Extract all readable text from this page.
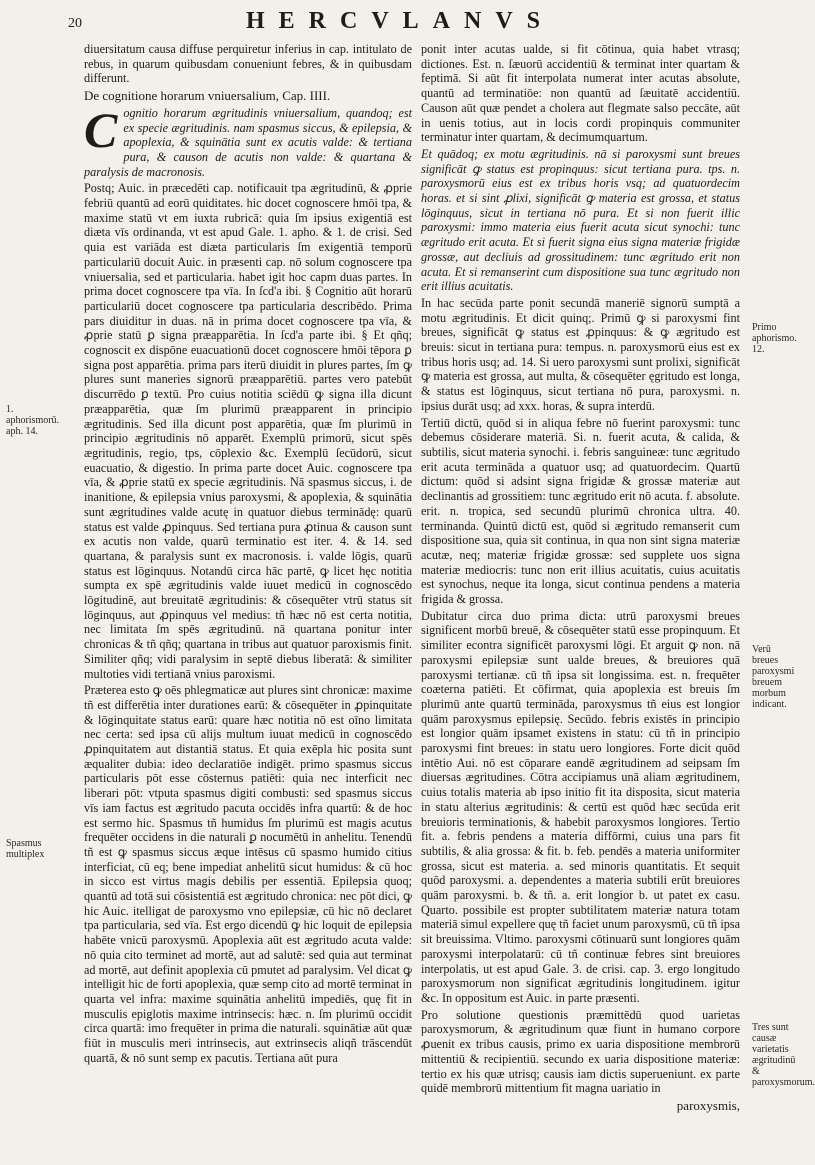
20	HERCVLANVS

diuersitatum causa diffuse perquiretur inferius in cap. intitulato de rebus, in quarum quibusdam conueniunt febres, & in quibusdam differunt.

De cognitione horarum vniuersalium, Cap. IIII.

Cognitio horarum ægritudinis vniuersalium, quandoq; est ex specie ægritudinis. nam spasmus siccus, & epilepsia, & apoplexia, & squinātia sunt ex acutis valde: & tertiana pura, & causon de acutis non valde: & quartana & paralysis de macronosis.

Postq; Auic. in præcedēti cap. notificauit tpa ægritudinū, & ꝓprie febriū quantū ad eorū quiditates. hic docet cognoscere hmōi tpa, & maxime statū vt em iuxta rubricā: quia ſm ipsius exigentiā est diæta vīs ordinanda, vt est apud Gale. 1. apho. & 1. de crisi. Sed quia est variāda est diæta particularis ſm exigentiā temporū particulariū docuit Auic. in præsenti cap. nō solum cognoscere tpa vniuersalia, sed et particularia. habet igit hoc capm duas partes. In prima docet cognoscere tpa vīa. In ſcd'a ibi. § Cognitio aūt horarū particulariū docet cognoscere tpa particularia describēdo. Prima pars diuiditur in duas. nā in prima docet cognoscere tpa vīa, & ꝓprie statū ꝑ signa præapparētia. In ſcd'a parte ibi. § Et qñq; cognoscit ex dispōne euacuationū docet cognoscere hmōi tēpora ꝑ signa post apparētia. prima pars iterū diuidit in plures partes, ſm ꝙ plures sunt maneries signorū præapparētiū. partes vero patebūt discurrēdo ꝑ textū. Pro cuius notitia sciēdū ꝙ signa illa dicunt præapparētia, quæ ſm plurimū præapparent in principio ægritudinis. Sed illa dicunt post apparētia, quæ ſm plurimū in principio ægritudinis nō apparēt. Exemplū primorū, sicut spēs ægritudinis, regio, tps, cōplexio &c. Exemplū ſecūdorū, sicut euacuatio, & digestio. In prima parte docet Auic. cognoscere tpa vīa, & ꝓprie statū ex specie ægritudinis. Nā spasmus siccus, i. de inanitione, & epilepsia vnius paroxysmi, & apoplexia, & squinātia sunt ægritudines valde acutę in quatuor diebus terminādę: quarū status est valde ꝓpinquus. Sed tertiana pura ꝓtinua & causon sunt ex acutis non valde, quarū terminatio est iter. 4. & 14. sed quartana, & paralysis sunt ex macronosis. i. valde lōgis, quarū status est lōginquus. Notandū circa hāc partē, ꝙ licet hęc notitia sumpta ex spē ægritudinis valde iuuet medicū in cognoscēdo lōgitudinē, aut breuitatē ægritudinis: & cōsequēter vtrū status sit lōginquus, aut ꝓpinquus vel medius: tñ hæc nō est certa notitia, nec limitata ſm spēs ægritudinū. nā quartana ponitur inter chronicas & tñ qñq; quartana in tribus aut quatuor paroxismis finit. Similiter qñq; vidi paralysim in septē diebus liberatā: & similiter multoties vidi tertianā vnius paroxismi.

Præterea esto ꝙ oēs phlegmaticæ aut plures sint chronicæ: maxime tñ est differētia inter durationes earū: & cōsequēter in ꝓpinquitate & lōginquitate status earū: quare hæc notitia nō est oīno limitata nec certa: sed ipsa cū alijs multum iuuat medicū in cognoscēdo ꝓpinquitatem aut distantiā status. Et quia exēpla hic posita sunt æqualiter dubia: ideo declaratiōe indigēt. primo spasmus siccus particularis pōt esse cōsternus patiēti: quia nec interficit nec liberari pōt: vtputa spasmus digiti combusti: sed spasmus siccus vīs iam factus est ægritudo pacuta occidēs infra quartū: & de hoc est sermo hic. Spasmus tñ humidus ſm plurimū est magis acutus frequēter occidens in die naturali ꝑ nocumētū in anhelitu. Tenendū tñ est ꝙ spasmus siccus æque intēsus cū spasmo humido citius interficiat, cū eq; bene impediat anhelitū sicut humidus: & cū hoc in sicco est virtus magis debilis per essentiā. Epilepsia quoq; quantū ad totā sui cōsistentiā est ægritudo chronica: nec pōt dici, ꝙ hic Auic. itelligat de paroxysmo vno epilepsiæ, cū hic nō declaret tpa particularia, sed vīa. Est ergo dicendū ꝙ hic loquit de epilepsia habēte vnicū paroxysmū. Apoplexia aūt est ægritudo acuta valde: nō quia cito terminet ad mortē, aut ad salutē: sed quia aut terminat ad mortē, aut definit apoplexia cū pmutet ad paralysim. Vel dicat ꝙ intelligit hic de forti apoplexia, quæ semp cito ad mortē terminat in quarta vel infra: maxime squinātia anhelitū impediēs, quę fit in musculis epiglotis maxime intrinsecis: hæc. n. ſm plurimū occidit circa quartā: imo frequēter in prima die naturali. squinātiæ aūt quæ fiūt in musculis meri intrinsecis, aut extrinsecis aliqñ trāscendūt quartā, & nō sunt semp ex pacutis. Tertiana aūt pura

ponit inter acutas ualde, si fit cōtinua, quia habet vtrasq; dictiones. Est. n. ſæuorū accidentiū & terminat inter quartam & feptimā. Si aūt fit interpolata numerat inter acutas absolute, quantū ad terminatiōe: non quantū ad ſæuitatē accidentiū. Causon aūt quæ pendet a cholera aut flegmate salso peccāte, aūt in uenis totius, aut in locis cordi propinquis communiter terminatur inter quartam, & decimumquartum.

Et quādoq; ex motu ægritudinis. nā si paroxysmi sunt breues significāt ꝙ status est propinquus: sicut tertiana pura. tps. n. paroxysmorū eius est ex tribus horis vsq; ad quatuordecim horas. et si sint ꝓlixi, significāt ꝙ materia est grossa, et status lōginquus, sicut in tertiana nō pura. Et si non fuerit illic paroxysmi: immo materia eius fuerit acuta sicut synochi: tunc ægritudo erit acuta. Et si fuerit signa eius signa materiæ frigidæ grossæ, aut decliuis ad grossitudinem: tunc ægritudo erit non acuta. Et si remanserint cum dispositione sua tunc ægritudo non erit illius acuitatis.

In hac secūda parte ponit secundā maneriē signorū sumptā a motu ægritudinis. Et dicit quinq;. Primū ꝙ si paroxysmi fint breues, significāt ꝙ status est ꝓpinquus: & ꝙ ægritudo est breuis: sicut in tertiana pura: tempus. n. paroxysmorū eius est ex tribus horis usq; ad. 14. Si uero paroxysmi sunt prolixi, significāt ꝙ materia est grossa, aut multa, & cōsequēter ęgritudo est longa, & status est lōginquus, sicut tertiana nō pura, paroxysmi. n. ipsius durāt usq; ad xxx. horas, & supra interdū.

Tertiū dictū, quōd si in aliqua febre nō fuerint paroxysmi: tunc debemus cōsiderare materiā. Si. n. fuerit acuta, & calida, & subtilis, sicut materia synochi. i. febris sanguineæ: tunc ægritudo erit acuta termināda a quatuor usq; ad quatuordecim. Quartū dictum: quōd si adsint signa frigidæ & grossæ materiæ aut declinantis ad grossitiem: tunc ægritudo erit nō acuta. f. absolute. erit. n. tropica, sed secundū plurimū chronica ultra. 40. terminanda. Quintū dictū est, quōd si ægritudo remanserit cum dispositione sua, quia sit continua, in qua non sint signa materiæ acutæ, neq; materiæ frigidæ grossæ: sed supplete uos signa materiæ mediocris: tunc non erit illius acuitatis, cuius acuitatis est synochus, neque ita longa, sicut continua pendens a materia frigida & grossa.

Dubitatur circa duo prima dicta: utrū paroxysmi breues significent morbū breuē, & cōsequēter statū esse propinquum. Et similiter econtra significēt paroxysmi lōgi. Et arguit ꝙ non. nā paroxysmi epilepsiæ sunt ualde breues, & breuiores quā paroxysmi tertianæ. cū tñ ipsa sit longissima. est. n. frequēter coæterna patiēti. Et cōfirmat, quia apoplexia est breuis ſm plurimū ante quartū termināda, paroxysmus tñ eius est longior quām paroxysmus epilepsię. Secūdo. febris existēs in principio est longior quām ipsamet existens in statu: cū tñ in principio paroxysmi fint breues: in statu uero longiores. Forte dicit quōd intētio Aui. nō est cōparare eandē ægritudinem ad seipsam ſm diuersas ægritudines. Cōtra accipiamus unā aliam ægritudinem, cuius totalis materia ab ipso initio fit ita disposita, sicut materia in statu alterius ægritudinis: & certū est quōd hæc secūda erit breuioris terminationis, & habebit paroxysmos longiores. Tertio fit. a. febris pendens a materia diffōrmi, cuius una pars fit subtilis, & alia grossa: & fit. b. feb. pendēs a materia uniformiter grossa, sicut est materia. a. sed minoris quantitatis. Et sequit quōd paroxysmi. a. dependentes a materia subtili erūt breuiores quām paroxysmi. b. & tñ. a. erit longior b. ut patet ex casu. Quarto. possibile est propter subtilitatem materiæ natura totam materiā simul expellere quę tñ faciet unum paroxysmū, cū tñ ipsa sit breuissima. Vltimo. paroxysmi cōtinuarū sunt longiores quām paroxysmi interpolatarū: cū tñ continuæ febres sint breuiores interpolatis, ut est apud Gale. 3. de crisi. cap. 3. ergo longitudo paroxysmorum non significat ægritudinis longitudinem. igitur &c. In oppositum est Auic. in parte præsenti.

Pro solutione questionis præmittēdū quod uarietas paroxysmorum, & ægritudinum quæ fiunt in humano corpore ꝓuenit ex tribus causis, primo ex uaria dispositione membrorū mittentiū & recipientiū. secundo ex uaria dispositione materiæ: tertio ex his quæ utrisq; causis iam dictis superueniunt. ex parte quidē membrorū mittentium fit magna uariatio in

paroxysmis,
1. aphorismorū. aph. 14.
Spasmus multiplex
Primo aphorismo. 12.
Verū breues paroxysmi breuem morbum indicant.
Tres sunt causæ varietatis ægritudinū & paroxysmorum.
